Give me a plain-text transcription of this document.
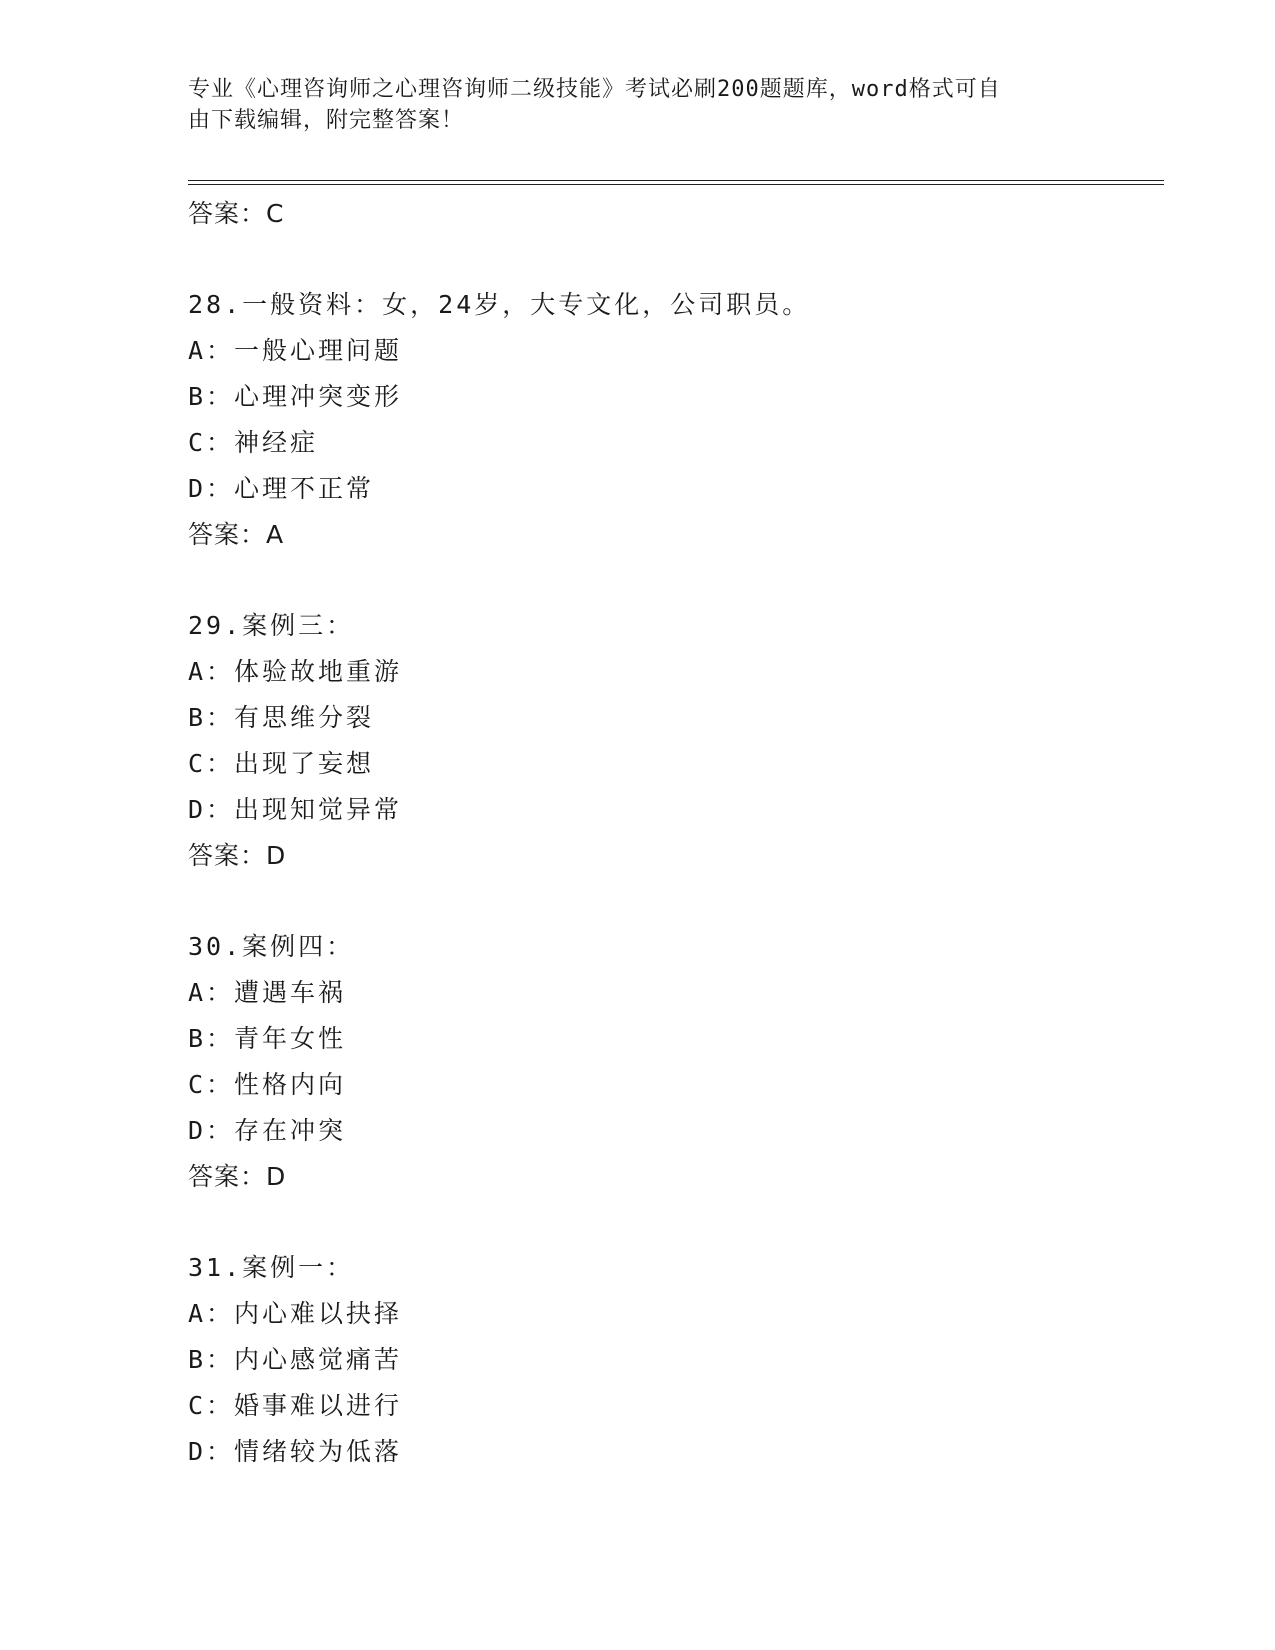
专业《心理咨询师之心理咨询师二级技能》考试必刷200题题库，word格式可自
由下载编辑，附完整答案！
答案：C
28.一般资料：女，24岁，大专文化，公司职员。
A：一般心理问题
B：心理冲突变形
C：神经症
D：心理不正常
答案：A
29.案例三：
A：体验故地重游
B：有思维分裂
C：出现了妄想
D：出现知觉异常
答案：D
30.案例四：
A：遭遇车祸
B：青年女性
C：性格内向
D：存在冲突
答案：D
31.案例一：
A：内心难以抉择
B：内心感觉痛苦
C：婚事难以进行
D：情绪较为低落
